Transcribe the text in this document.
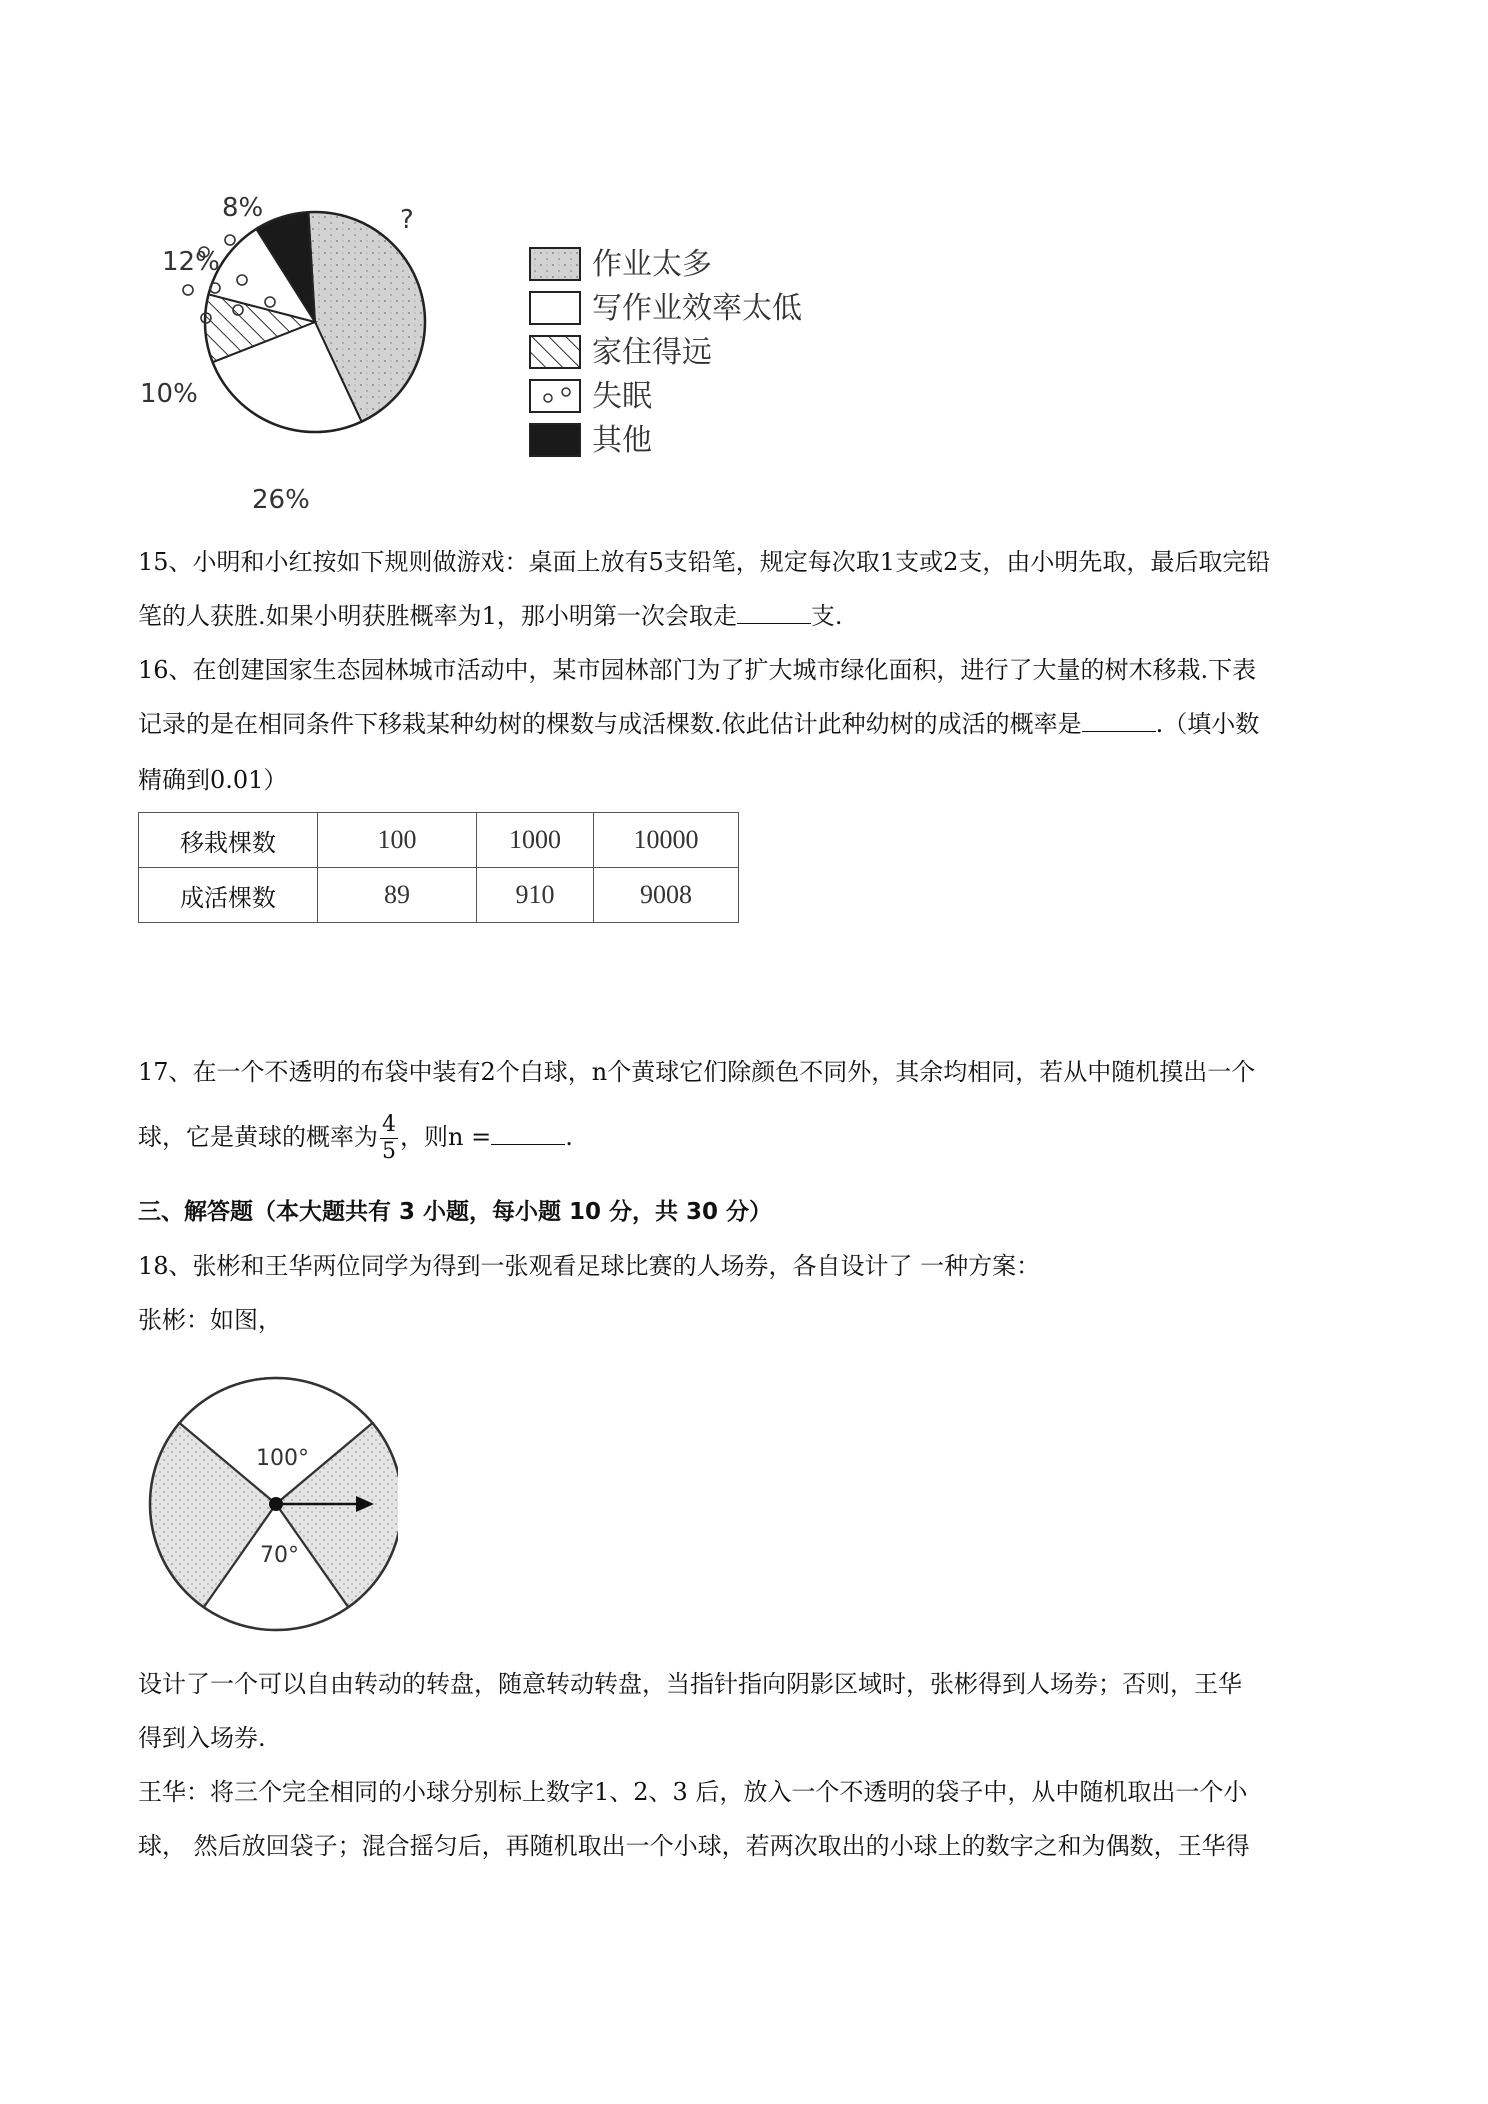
8%	?
12%
10%
26%
作业太多
写作业效率太低
家住得远
失眠
其他
15、小明和小红按如下规则做游戏：桌面上放有5支铅笔，规定每次取1支或2支，由小明先取，最后取完铅
笔的人获胜.如果小明获胜概率为1，那小明第一次会取走	支.
16、在创建国家生态园林城市活动中，某市园林部门为了扩大城市绿化面积，进行了大量的树木移栽.下表
记录的是在相同条件下移栽某种幼树的棵数与成活棵数.依此估计此种幼树的成活的概率是	.（填小数
精确到0.01）
移栽棵数	100	1000	10000
成活棵数	89	910	9008
17、在一个不透明的布袋中装有2个白球，n个黄球它们除颜色不同外，其余均相同，若从中随机摸出一个
球，它是黄球的概率为 $\frac{4}{5}$ ，则n =	.
三、解答题（本大题共有 3 小题，每小题 10 分，共 30 分）
18、张彬和王华两位同学为得到一张观看足球比赛的人场券，各自设计了 一种方案：
张彬：如图，
100°
70°
设计了一个可以自由转动的转盘，随意转动转盘，当指针指向阴影区域时，张彬得到人场券；否则，王华
得到入场券.
王华：将三个完全相同的小球分别标上数字1、2、3 后，放入一个不透明的袋子中，从中随机取出一个小
球， 然后放回袋子；混合摇匀后，再随机取出一个小球，若两次取出的小球上的数字之和为偶数，王华得
